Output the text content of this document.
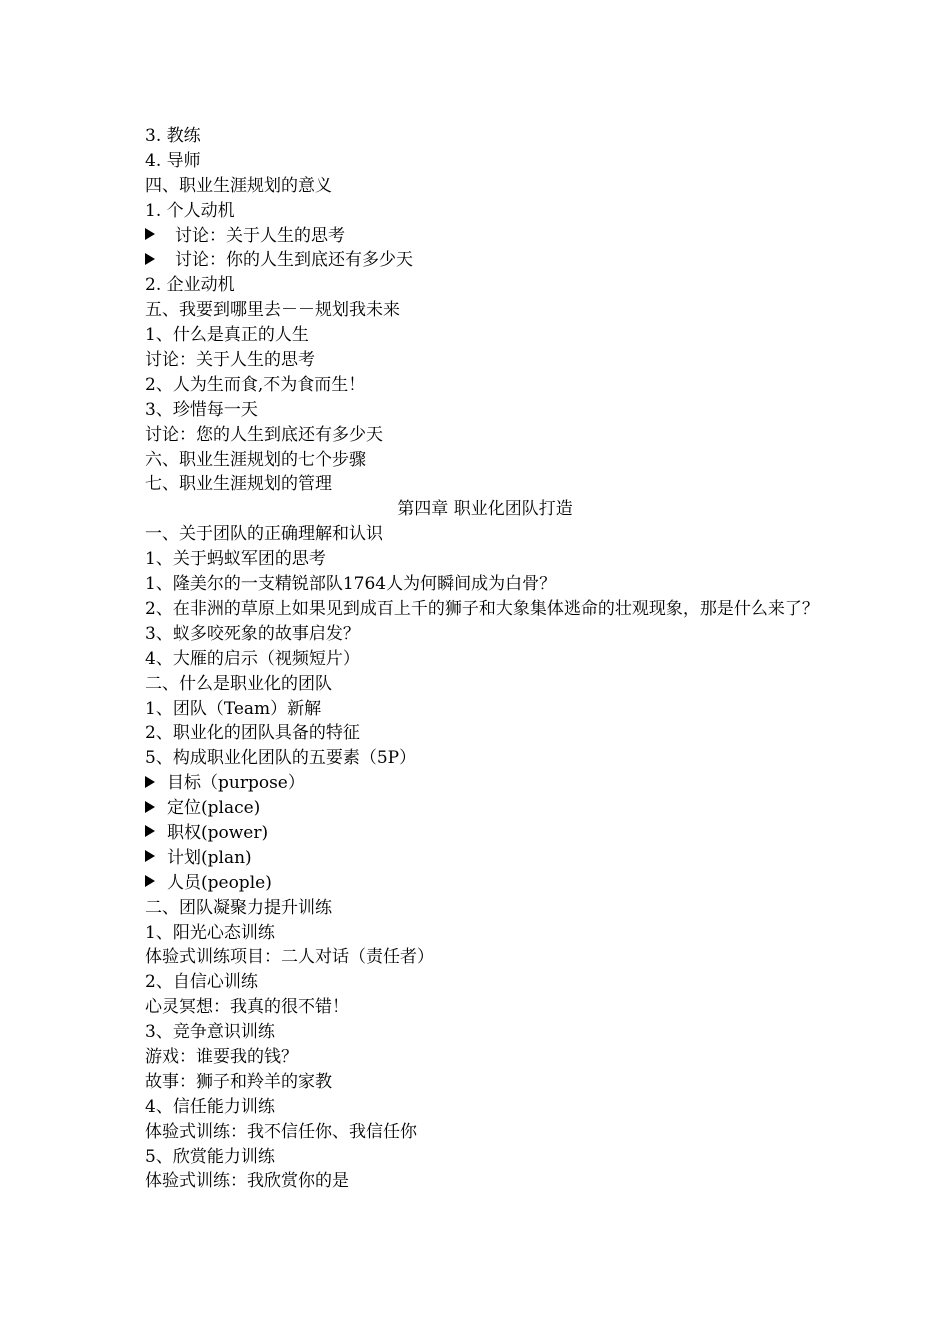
3. 教练
4. 导师
四、职业生涯规划的意义
1. 个人动机
讨论：关于人生的思考
讨论：你的人生到底还有多少天
2. 企业动机
五、我要到哪里去－－规划我未来
1、什么是真正的人生
讨论：关于人生的思考
2、人为生而食,不为食而生！
3、珍惜每一天
讨论：您的人生到底还有多少天
六、职业生涯规划的七个步骤
七、职业生涯规划的管理
第四章 职业化团队打造
一、关于团队的正确理解和认识
1、关于蚂蚁军团的思考
1、隆美尔的一支精锐部队1764人为何瞬间成为白骨？
2、在非洲的草原上如果见到成百上千的狮子和大象集体逃命的壮观现象，那是什么来了？
3、蚁多咬死象的故事启发？
4、大雁的启示（视频短片）
二、什么是职业化的团队
1、团队（Team）新解
2、职业化的团队具备的特征
5、构成职业化团队的五要素（5P）
目标（purpose）
定位(place)
职权(power)
计划(plan)
人员(people)
二、团队凝聚力提升训练
1、阳光心态训练
体验式训练项目：二人对话（责任者）
2、自信心训练
心灵冥想：我真的很不错！
3、竞争意识训练
游戏：谁要我的钱？
故事：狮子和羚羊的家教
4、信任能力训练
体验式训练：我不信任你、我信任你
5、欣赏能力训练
体验式训练：我欣赏你的是
